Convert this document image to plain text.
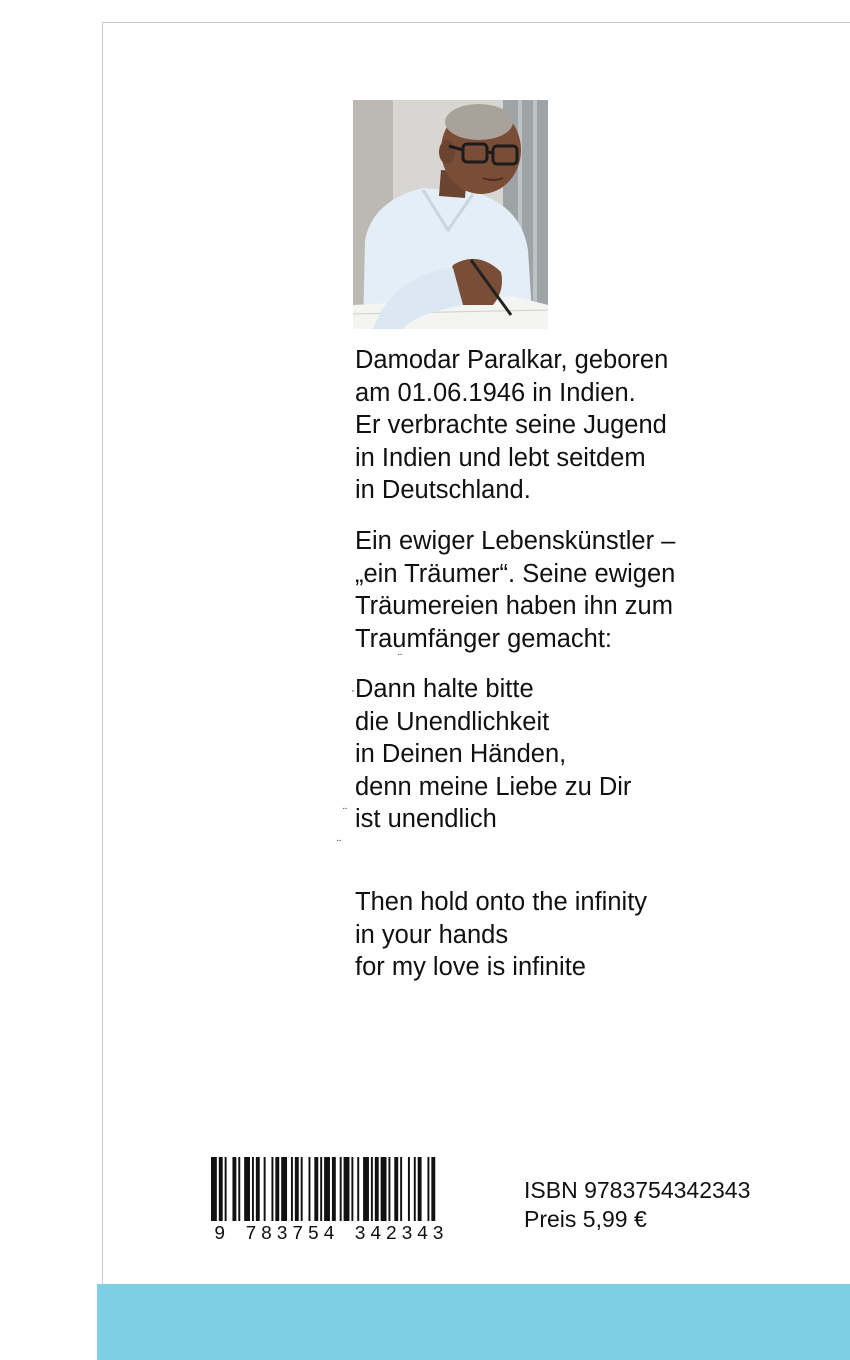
Damodar Paralkar, geboren
am 01.06.1946 in Indien.
Er verbrachte seine Jugend
in Indien und lebt seitdem
in Deutschland.
Ein ewiger Lebenskünstler –
„ein Träumer“. Seine ewigen
Träumereien haben ihn zum
Traumfänger gemacht:
Dann halte bitte
die Unendlichkeit
in Deinen Händen,
denn meine Liebe zu Dir
ist unendlich
·
¨
¨
¨
Then hold onto the infinity
in your hands
for my love is infinite
9 783754 342343
ISBN 9783754342343
Preis 5,99 €
